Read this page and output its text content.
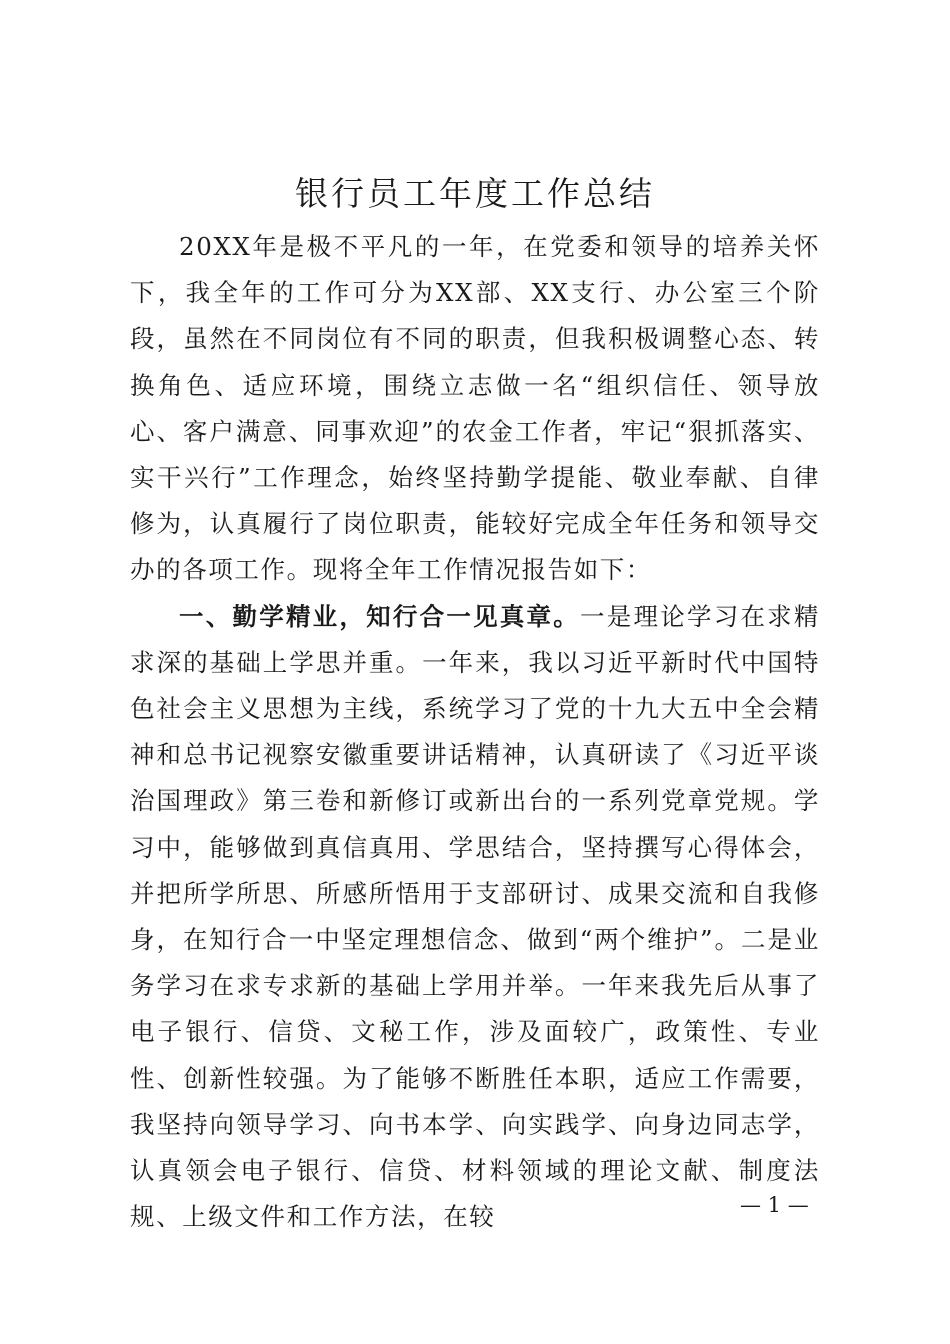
银行员工年度工作总结

20XX年是极不平凡的一年，在党委和领导的培养关怀下，我全年的工作可分为XX部、XX支行、办公室三个阶段，虽然在不同岗位有不同的职责，但我积极调整心态、转换角色、适应环境，围绕立志做一名“组织信任、领导放心、客户满意、同事欢迎”的农金工作者，牢记“狠抓落实、实干兴行”工作理念，始终坚持勤学提能、敬业奉献、自律修为，认真履行了岗位职责，能较好完成全年任务和领导交办的各项工作。现将全年工作情况报告如下：

一、勤学精业，知行合一见真章。一是理论学习在求精求深的基础上学思并重。一年来，我以习近平新时代中国特色社会主义思想为主线，系统学习了党的十九大五中全会精神和总书记视察安徽重要讲话精神，认真研读了《习近平谈治国理政》第三卷和新修订或新出台的一系列党章党规。学习中，能够做到真信真用、学思结合，坚持撰写心得体会，并把所学所思、所感所悟用于支部研讨、成果交流和自我修身，在知行合一中坚定理想信念、做到“两个维护”。二是业务学习在求专求新的基础上学用并举。一年来我先后从事了电子银行、信贷、文秘工作，涉及面较广，政策性、专业性、创新性较强。为了能够不断胜任本职，适应工作需要，我坚持向领导学习、向书本学、向实践学、向身边同志学，认真领会电子银行、信贷、材料领域的理论文献、制度法规、上级文件和工作方法，在较	— 1 —
